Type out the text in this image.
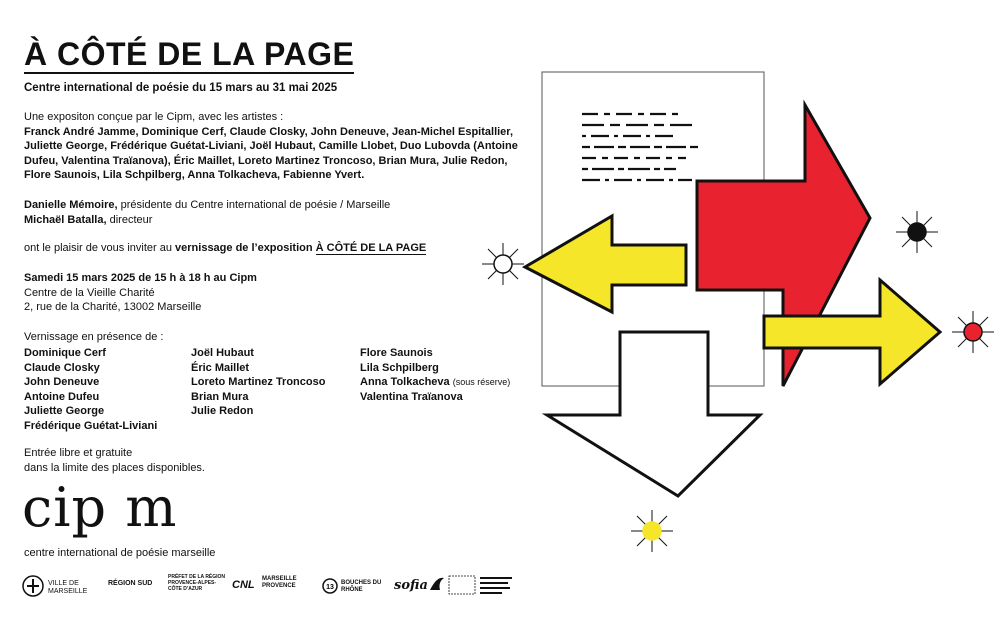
À CÔTÉ DE LA PAGE
Centre international de poésie du 15 mars au 31 mai 2025
Une expositon conçue par le Cipm, avec les artistes :
Franck André Jamme, Dominique Cerf, Claude Closky, John Deneuve, Jean-Michel Espitallier, Juliette George, Frédérique Guétat-Liviani, Joël Hubaut, Camille Llobet, Duo Lubovda (Antoine Dufeu, Valentina Traïanova), Éric Maillet, Loreto Martinez Troncoso, Brian Mura, Julie Redon, Flore Saunois, Lila Schpilberg, Anna Tolkacheva, Fabienne Yvert.
Danielle Mémoire, présidente du Centre international de poésie / Marseille
Michaël Batalla, directeur
ont le plaisir de vous inviter au vernissage de l’exposition À CÔTÉ DE LA PAGE
Samedi 15 mars 2025 de 15 h à 18 h au Cipm
Centre de la Vieille Charité
2, rue de la Charité, 13002 Marseille
Vernissage en présence de :
Dominique Cerf
Claude Closky
John Deneuve
Antoine Dufeu
Juliette George
Frédérique Guétat-Liviani
Joël Hubaut
Éric Maillet
Loreto Martinez Troncoso
Brian Mura
Julie Redon
Flore Saunois
Lila Schpilberg
Anna Tolkacheva (sous réserve)
Valentina Traïanova
Entrée libre et gratuite
dans la limite des places disponibles.
cip m
centre international de poésie marseille
VILLE DE MARSEILLE
RÉGION SUD
PRÉFET DE LA RÉGION PROVENCE-ALPES-CÔTE D’AZUR	CNL	MARSEILLE PROVENCE	13
BOUCHES DU RHÔNE	sofia
